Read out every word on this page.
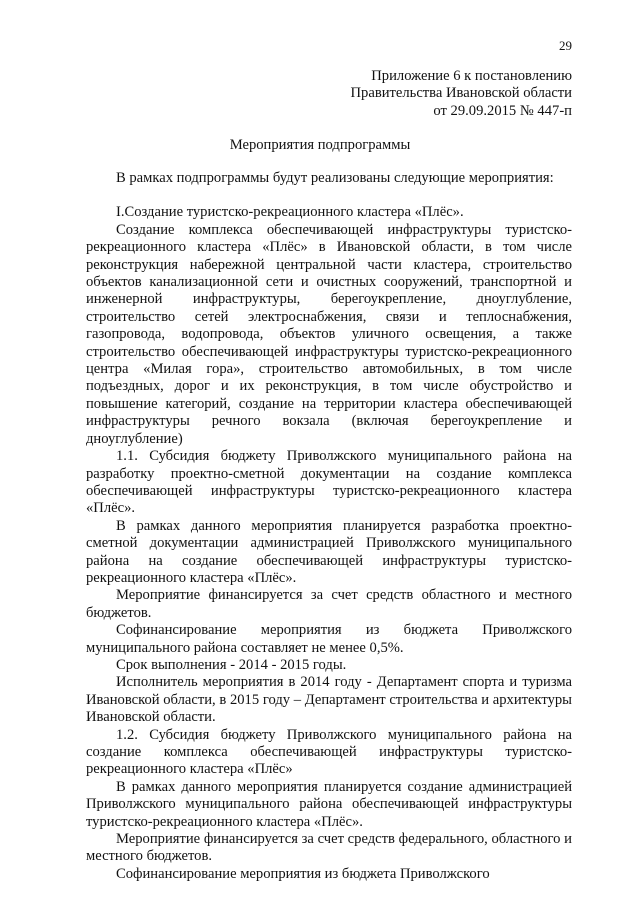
29
Приложение 6 к постановлению
Правительства Ивановской области
от 29.09.2015 № 447-п
Мероприятия подпрограммы

В рамках подпрограммы будут реализованы следующие мероприятия:

I.Создание туристско-рекреационного кластера «Плёс».

Создание комплекса обеспечивающей инфраструктуры туристско-рекреационного кластера «Плёс» в Ивановской области, в том числе реконструкция набережной центральной части кластера, строительство объектов канализационной сети и очистных сооружений, транспортной и инженерной инфраструктуры, берегоукрепление, дноуглубление, строительство сетей электроснабжения, связи и теплоснабжения, газопровода, водопровода, объектов уличного освещения, а также строительство обеспечивающей инфраструктуры туристско-рекреационного центра «Милая гора», строительство автомобильных, в том числе подъездных, дорог и их реконструкция, в том числе обустройство и повышение категорий, создание на территории кластера обеспечивающей инфраструктуры речного вокзала (включая берегоукрепление и дноуглубление)

1.1. Субсидия бюджету Приволжского муниципального района на разработку проектно-сметной документации на создание комплекса обеспечивающей инфраструктуры туристско-рекреационного кластера «Плёс».

В рамках данного мероприятия планируется разработка проектно-сметной документации администрацией Приволжского муниципального района на создание обеспечивающей инфраструктуры туристско-рекреационного кластера «Плёс».

Мероприятие финансируется за счет средств областного и местного бюджетов.

Софинансирование мероприятия из бюджета Приволжского муниципального района составляет не менее 0,5%.

Срок выполнения - 2014 - 2015 годы.

Исполнитель мероприятия в 2014 году - Департамент спорта и туризма Ивановской области, в 2015 году – Департамент строительства и архитектуры Ивановской области.

1.2. Субсидия бюджету Приволжского муниципального района на создание комплекса обеспечивающей инфраструктуры туристско-рекреационного кластера «Плёс»

В рамках данного мероприятия планируется создание администрацией Приволжского муниципального района обеспечивающей инфраструктуры туристско-рекреационного кластера «Плёс».

Мероприятие финансируется за счет средств федерального, областного и местного бюджетов.

Софинансирование мероприятия из бюджета Приволжского
